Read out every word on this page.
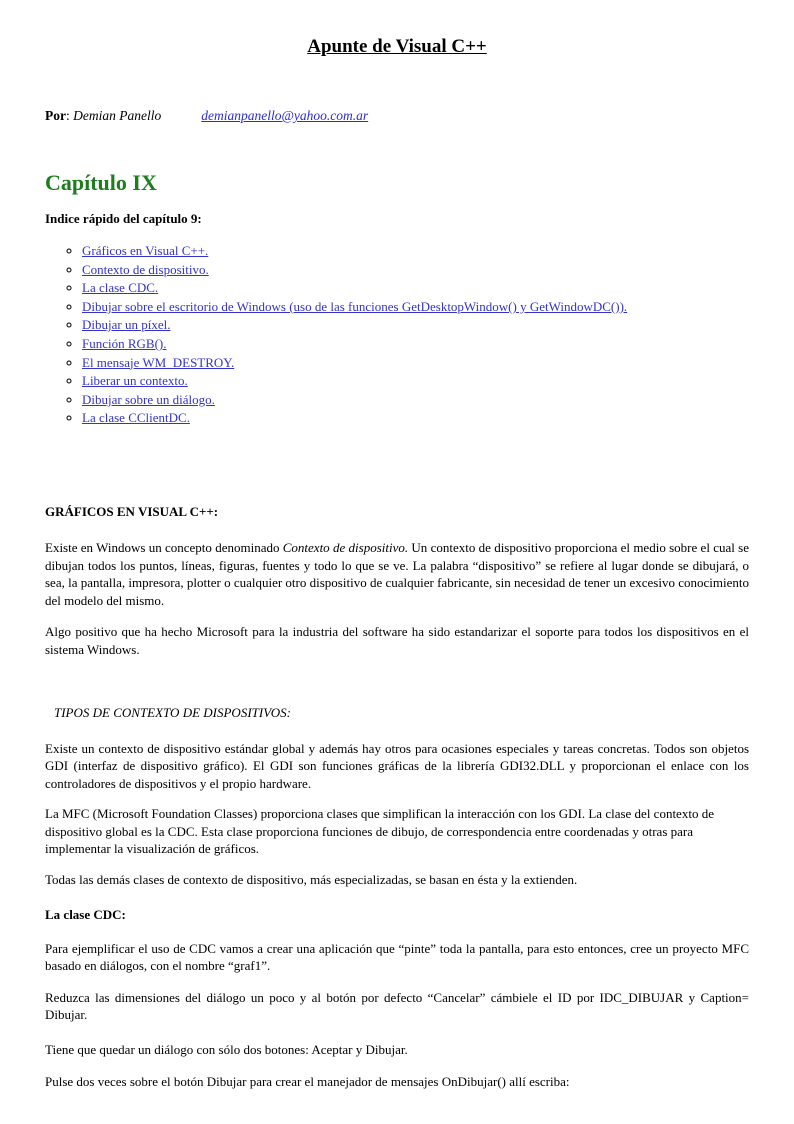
Apunte de Visual C++
Por: Demian Panello	demianpanello@yahoo.com.ar
Capítulo IX
Indice rápido del capítulo 9:
◦ Gráficos en Visual C++.
◦ Contexto de dispositivo.
◦ La clase CDC.
◦ Dibujar sobre el escritorio de Windows (uso de las funciones GetDesktopWindow() y GetWindowDC()).
◦ Dibujar un píxel.
◦ Función RGB().
◦ El mensaje WM_DESTROY.
◦ Liberar un contexto.
◦ Dibujar sobre un diálogo.
◦ La clase CClientDC.
GRÁFICOS EN VISUAL C++:

Existe en Windows un concepto denominado Contexto de dispositivo. Un contexto de dispositivo proporciona el medio sobre el cual se dibujan todos los puntos, líneas, figuras, fuentes y todo lo que se ve. La palabra “dispositivo” se refiere al lugar donde se dibujará, o sea, la pantalla, impresora, plotter o cualquier otro dispositivo de cualquier fabricante, sin necesidad de tener un excesivo conocimiento del modelo del mismo.

Algo positivo que ha hecho Microsoft para la industria del software ha sido estandarizar el soporte para todos los dispositivos en el sistema Windows.

TIPOS DE CONTEXTO DE DISPOSITIVOS:

Existe un contexto de dispositivo estándar global y además hay otros para ocasiones especiales y tareas concretas. Todos son objetos GDI (interfaz de dispositivo gráfico). El GDI son funciones gráficas de la librería GDI32.DLL y proporcionan el enlace con los controladores de dispositivos y el propio hardware.

La MFC (Microsoft Foundation Classes) proporciona clases que simplifican la interacción con los GDI. La clase del contexto de dispositivo global es la CDC. Esta clase proporciona funciones de dibujo, de correspondencia entre coordenadas y otras para implementar la visualización de gráficos.

Todas las demás clases de contexto de dispositivo, más especializadas, se basan en ésta y la extienden.

La clase CDC:

Para ejemplificar el uso de CDC vamos a crear una aplicación que “pinte” toda la pantalla, para esto entonces, cree un proyecto MFC basado en diálogos, con el nombre “graf1”.

Reduzca las dimensiones del diálogo un poco y al botón por defecto “Cancelar” cámbiele el ID por IDC_DIBUJAR y Caption= Dibujar.

Tiene que quedar un diálogo con sólo dos botones: Aceptar y Dibujar.

Pulse dos veces sobre el botón Dibujar para crear el manejador de mensajes OnDibujar() allí escriba:
